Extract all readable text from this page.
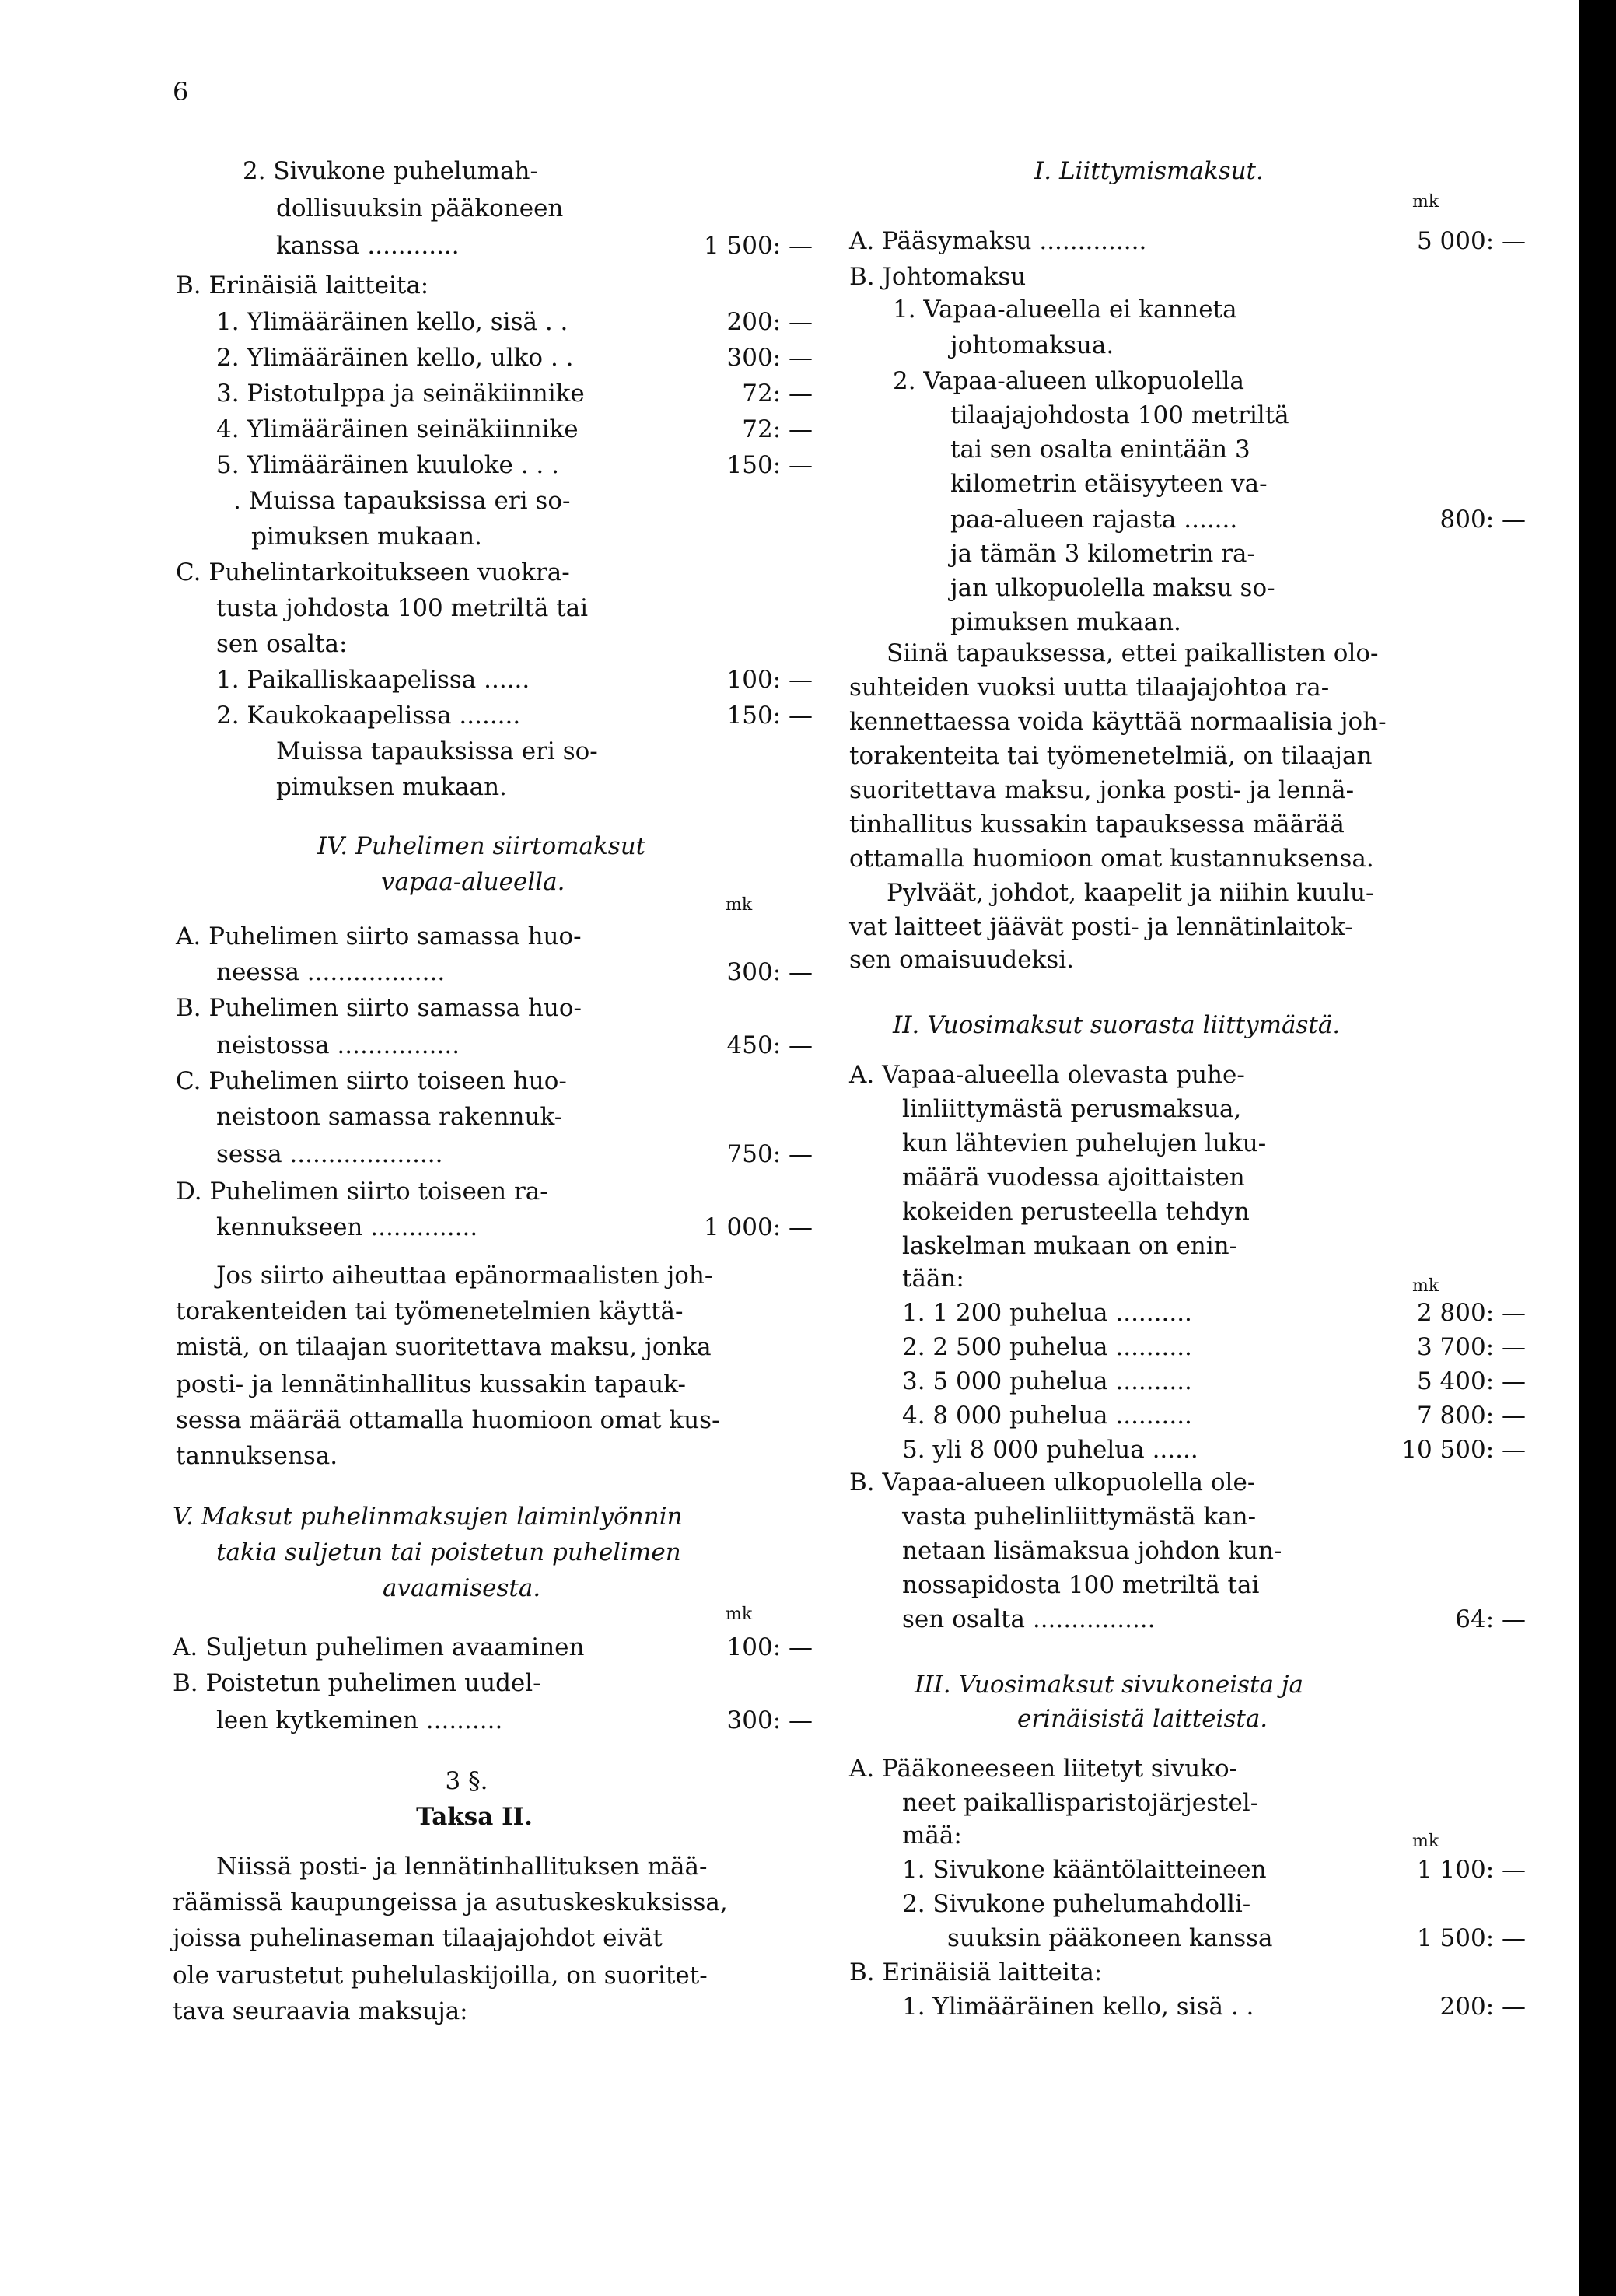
6
2. Sivukone puhelumah-
dollisuuksin pääkoneen
kanssa ............	1 500: —
B. Erinäisiä laitteita:
1. Ylimääräinen kello, sisä . .	200: —
2. Ylimääräinen kello, ulko . .	300: —
3. Pistotulppa ja seinäkiinnike	72: —
4. Ylimääräinen seinäkiinnike	72: —
5. Ylimääräinen kuuloke . . .	150: —
. Muissa tapauksissa eri so-
pimuksen mukaan.
C. Puhelintarkoitukseen vuokra-
tusta johdosta 100 metriltä tai
sen osalta:
1. Paikalliskaapelissa ......	100: —
2. Kaukokaapelissa ........	150: —
Muissa tapauksissa eri so-
pimuksen mukaan.
IV. Puhelimen siirtomaksut
vapaa-alueella.
mk
A. Puhelimen siirto samassa huo-
neessa ..................	300: —
B. Puhelimen siirto samassa huo-
neistossa ................	450: —
C. Puhelimen siirto toiseen huo-
neistoon samassa rakennuk-
sessa ....................	750: —
D. Puhelimen siirto toiseen ra-
kennukseen ..............	1 000: —
Jos siirto aiheuttaa epänormaalisten joh-
torakenteiden tai työmenetelmien käyttä-
mistä, on tilaajan suoritettava maksu, jonka
posti- ja lennätinhallitus kussakin tapauk-
sessa määrää ottamalla huomioon omat kus-
tannuksensa.
V. Maksut puhelinmaksujen laiminlyönnin
takia suljetun tai poistetun puhelimen
avaamisesta.
mk
A. Suljetun puhelimen avaaminen	100: —
B. Poistetun puhelimen uudel-
leen kytkeminen ..........	300: —
3 §.
Taksa II.
Niissä posti- ja lennätinhallituksen mää-
räämissä kaupungeissa ja asutuskeskuksissa,
joissa puhelinaseman tilaajajohdot eivät
ole varustetut puhelulaskijoilla, on suoritet-
tava seuraavia maksuja:
I. Liittymismaksut.
mk
A. Pääsymaksu ..............	5 000: —
B. Johtomaksu
1. Vapaa-alueella ei kanneta
johtomaksua.
2. Vapaa-alueen ulkopuolella
tilaajajohdosta 100 metriltä
tai sen osalta enintään 3
kilometrin etäisyyteen va-
paa-alueen rajasta .......	800: —
ja tämän 3 kilometrin ra-
jan ulkopuolella maksu so-
pimuksen mukaan.
Siinä tapauksessa, ettei paikallisten olo-
suhteiden vuoksi uutta tilaajajohtoa ra-
kennettaessa voida käyttää normaalisia joh-
torakenteita tai työmenetelmiä, on tilaajan
suoritettava maksu, jonka posti- ja lennä-
tinhallitus kussakin tapauksessa määrää
ottamalla huomioon omat kustannuksensa.
Pylväät, johdot, kaapelit ja niihin kuulu-
vat laitteet jäävät posti- ja lennätinlaitok-
sen omaisuudeksi.
II. Vuosimaksut suorasta liittymästä.
A. Vapaa-alueella olevasta puhe-
linliittymästä perusmaksua,
kun lähtevien puhelujen luku-
määrä vuodessa ajoittaisten
kokeiden perusteella tehdyn
laskelman mukaan on enin-
tään:	mk
1. 1 200 puhelua ..........	2 800: —
2. 2 500 puhelua ..........	3 700: —
3. 5 000 puhelua ..........	5 400: —
4. 8 000 puhelua ..........	7 800: —
5. yli 8 000 puhelua ......	10 500: —
B. Vapaa-alueen ulkopuolella ole-
vasta puhelinliittymästä kan-
netaan lisämaksua johdon kun-
nossapidosta 100 metriltä tai
sen osalta ................	64: —
III. Vuosimaksut sivukoneista ja
erinäisistä laitteista.
A. Pääkoneeseen liitetyt sivuko-
neet paikallisparistojärjestel-
mää:	mk
1. Sivukone kääntölaitteineen	1 100: —
2. Sivukone puhelumahdolli-
suuksin pääkoneen kanssa	1 500: —
B. Erinäisiä laitteita:
1. Ylimääräinen kello, sisä . .	200: —
